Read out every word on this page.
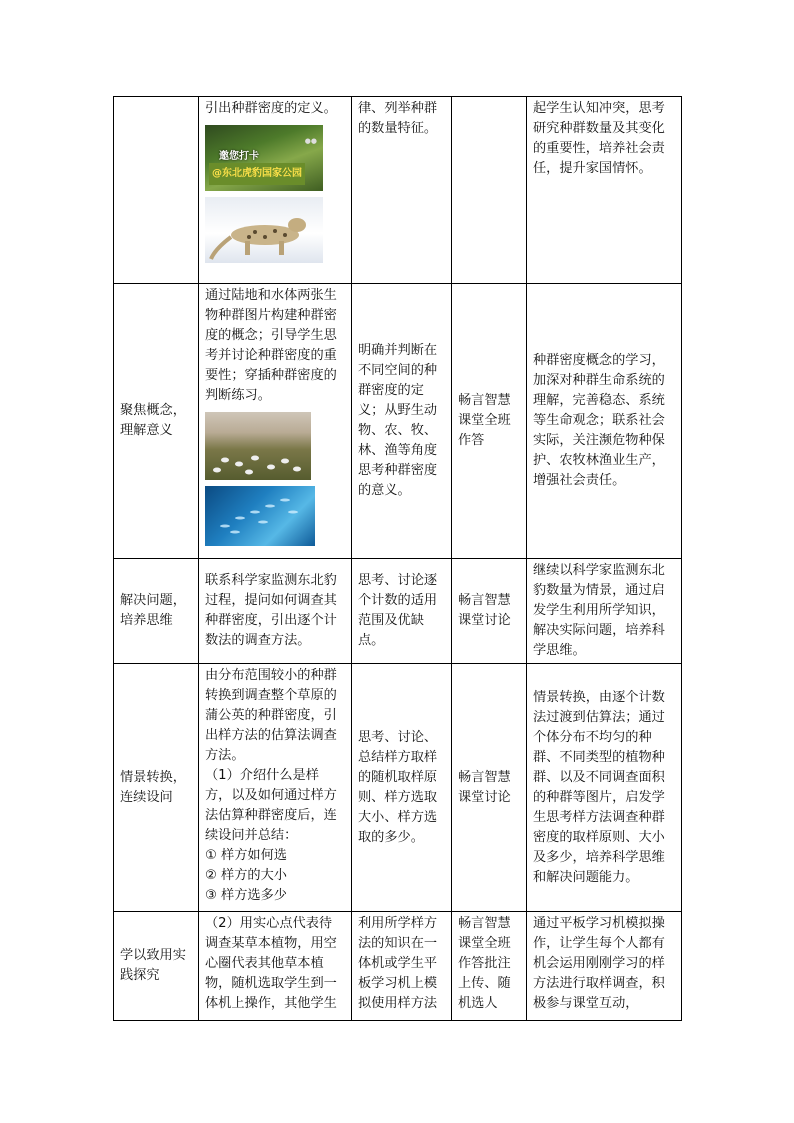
	引出种群密度的定义。
●●
邀您打卡
@东北虎豹国家公园	律、列举种群的数量特征。		起学生认知冲突，思考研究种群数量及其变化的重要性，培养社会责任，提升家国情怀。
聚焦概念，理解意义	通过陆地和水体两张生物种群图片构建种群密度的概念；引导学生思考并讨论种群密度的重要性；穿插种群密度的判断练习。	明确并判断在不同空间的种群密度的定义；从野生动物、农、牧、林、渔等角度思考种群密度的意义。	畅言智慧课堂全班作答	种群密度概念的学习，加深对种群生命系统的理解，完善稳态、系统等生命观念；联系社会实际，关注濒危物种保护、农牧林渔业生产，增强社会责任。
解决问题，培养思维	联系科学家监测东北豹过程，提问如何调查其种群密度，引出逐个计数法的调查方法。	思考、讨论逐个计数的适用范围及优缺点。	畅言智慧课堂讨论	继续以科学家监测东北豹数量为情景，通过启发学生利用所学知识，解决实际问题，培养科学思维。
情景转换，连续设问	由分布范围较小的种群转换到调查整个草原的蒲公英的种群密度，引出样方法的估算法调查方法。
（1）介绍什么是样方，以及如何通过样方法估算种群密度后，连续设问并总结：
① 样方如何选
② 样方的大小
③ 样方选多少	思考、讨论、总结样方取样的随机取样原则、样方选取大小、样方选取的多少。	畅言智慧课堂讨论	情景转换，由逐个计数法过渡到估算法；通过个体分布不均匀的种群、不同类型的植物种群、以及不同调查面积的种群等图片，启发学生思考样方法调查种群密度的取样原则、大小及多少，培养科学思维和解决问题能力。
学以致用实践探究	（2）用实心点代表待调查某草本植物，用空心圈代表其他草本植物，随机选取学生到一体机上操作，其他学生	利用所学样方法的知识在一体机或学生平板学习机上模拟使用样方法	畅言智慧课堂全班作答批注上传、随机选人	通过平板学习机模拟操作，让学生每个人都有机会运用刚刚学习的样方法进行取样调查，积极参与课堂互动，
